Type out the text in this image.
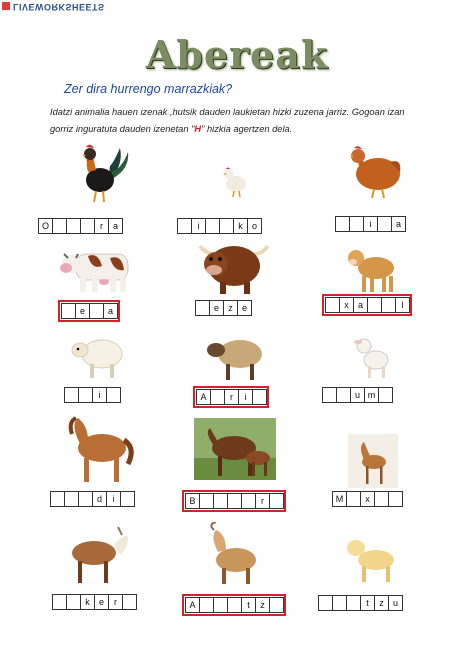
LIVEWORKSHEETS
Abereak
Zer dira hurrengo marrazkiak?
Idatzi animalia hauen izenak ,hutsik dauden laukietan hizki zuzena jarriz. Gogoan izan gorriz inguratuta dauden izenetan "H" hizkia agertzen dela.
O	r	a	i	k	o	i	a
e	a	e	z	e	x	a	l
i	A	r	i	u m
d	i	B	r	M	x
k	e	r	A	t	z	t	z	u
